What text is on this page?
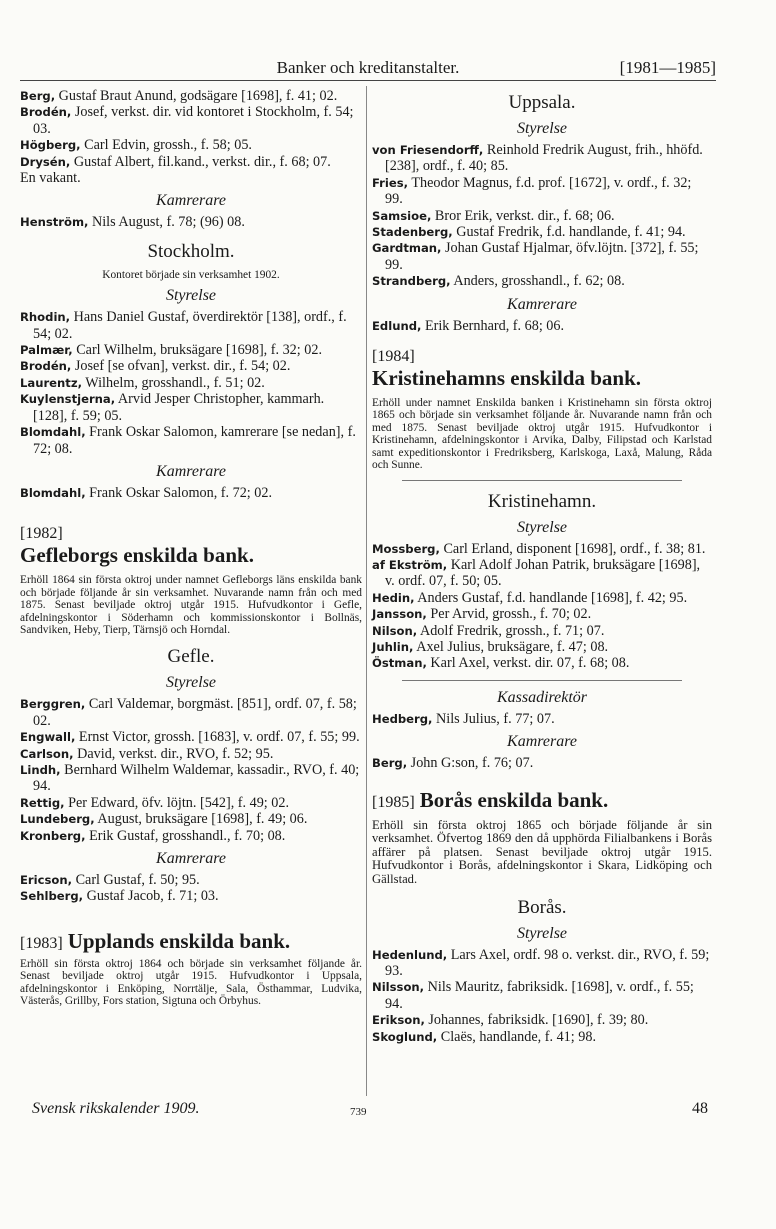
Banker och kreditanstalter.	[1981—1985]

Berg, Gustaf Braut Anund, godsägare [1698], f. 41; 02.

Brodén, Josef, verkst. dir. vid kontoret i Stockholm, f. 54; 03.

Högberg, Carl Edvin, grossh., f. 58; 05.

Drysén, Gustaf Albert, fil.kand., verkst. dir., f. 68; 07.

En vakant.
Kamrerare

Henström, Nils August, f. 78; (96) 08.

Stockholm.
Kontoret började sin verksamhet 1902.
Styrelse

Rhodin, Hans Daniel Gustaf, överdirektör [138], ordf., f. 54; 02.

Palmær, Carl Wilhelm, bruksägare [1698], f. 32; 02.

Brodén, Josef [se ofvan], verkst. dir., f. 54; 02.

Laurentz, Wilhelm, grosshandl., f. 51; 02.

Kuylenstjerna, Arvid Jesper Christopher, kammarh. [128], f. 59; 05.

Blomdahl, Frank Oskar Salomon, kamrerare [se nedan], f. 72; 08.

Kamrerare

Blomdahl, Frank Oskar Salomon, f. 72; 02.

[1982]
Gefleborgs enskilda bank.
Erhöll 1864 sin första oktroj under namnet Gefleborgs läns enskilda bank och började följande år sin verksamhet. Nuvarande namn från och med 1875. Senast beviljade oktroj utgår 1915. Hufvudkontor i Gefle, afdelningskontor i Söderhamn och kommissionskontor i Bollnäs, Sandviken, Heby, Tierp, Tärnsjö och Horndal.
Gefle.
Styrelse

Berggren, Carl Valdemar, borgmäst. [851], ordf. 07, f. 58; 02.

Engwall, Ernst Victor, grossh. [1683], v. ordf. 07, f. 55; 99.

Carlson, David, verkst. dir., RVO, f. 52; 95.

Lindh, Bernhard Wilhelm Waldemar, kassadir., RVO, f. 40; 94.

Rettig, Per Edward, öfv. löjtn. [542], f. 49; 02.

Lundeberg, August, bruksägare [1698], f. 49; 06.

Kronberg, Erik Gustaf, grosshandl., f. 70; 08.

Kamrerare

Ericson, Carl Gustaf, f. 50; 95.

Sehlberg, Gustaf Jacob, f. 71; 03.

[1983] Upplands enskilda bank.
Erhöll sin första oktroj 1864 och började sin verksamhet följande år. Senast beviljade oktroj utgår 1915. Hufvudkontor i Uppsala, afdelningskontor i Enköping, Norrtälje, Sala, Östhammar, Ludvika, Västerås, Grillby, Fors station, Sigtuna och Örbyhus.
Uppsala.
Styrelse

von Friesendorff, Reinhold Fredrik August, frih., hhöfd. [238], ordf., f. 40; 85.

Fries, Theodor Magnus, f.d. prof. [1672], v. ordf., f. 32; 99.

Samsioe, Bror Erik, verkst. dir., f. 68; 06.

Stadenberg, Gustaf Fredrik, f.d. handlande, f. 41; 94.

Gardtman, Johan Gustaf Hjalmar, öfv.löjtn. [372], f. 55; 99.

Strandberg, Anders, grosshandl., f. 62; 08.

Kamrerare

Edlund, Erik Bernhard, f. 68; 06.

[1984]
Kristinehamns enskilda bank.
Erhöll under namnet Enskilda banken i Kristinehamn sin första oktroj 1865 och började sin verksamhet följande år. Nuvarande namn från och med 1875. Senast beviljade oktroj utgår 1915. Hufvudkontor i Kristinehamn, afdelningskontor i Arvika, Dalby, Filipstad och Karlstad samt expeditionskontor i Fredriksberg, Karlskoga, Laxå, Malung, Råda och Sunne.
Kristinehamn.
Styrelse

Mossberg, Carl Erland, disponent [1698], ordf., f. 38; 81.

af Ekström, Karl Adolf Johan Patrik, bruksägare [1698], v. ordf. 07, f. 50; 05.

Hedin, Anders Gustaf, f.d. handlande [1698], f. 42; 95.

Jansson, Per Arvid, grossh., f. 70; 02.

Nilson, Adolf Fredrik, grossh., f. 71; 07.

Juhlin, Axel Julius, bruksägare, f. 47; 08.

Östman, Karl Axel, verkst. dir. 07, f. 68; 08.

Kassadirektör

Hedberg, Nils Julius, f. 77; 07.

Kamrerare

Berg, John G:son, f. 76; 07.

[1985] Borås enskilda bank.
Erhöll sin första oktroj 1865 och började följande år sin verksamhet. Öfvertog 1869 den då upphörda Filialbankens i Borås affärer på platsen. Senast beviljade oktroj utgår 1915. Hufvudkontor i Borås, afdelningskontor i Skara, Lidköping och Gällstad.
Borås.
Styrelse

Hedenlund, Lars Axel, ordf. 98 o. verkst. dir., RVO, f. 59; 93.

Nilsson, Nils Mauritz, fabriksidk. [1698], v. ordf., f. 55; 94.

Erikson, Johannes, fabriksidk. [1690], f. 39; 80.

Skoglund, Claës, handlande, f. 41; 98.

Svensk rikskalender 1909.	739	48
